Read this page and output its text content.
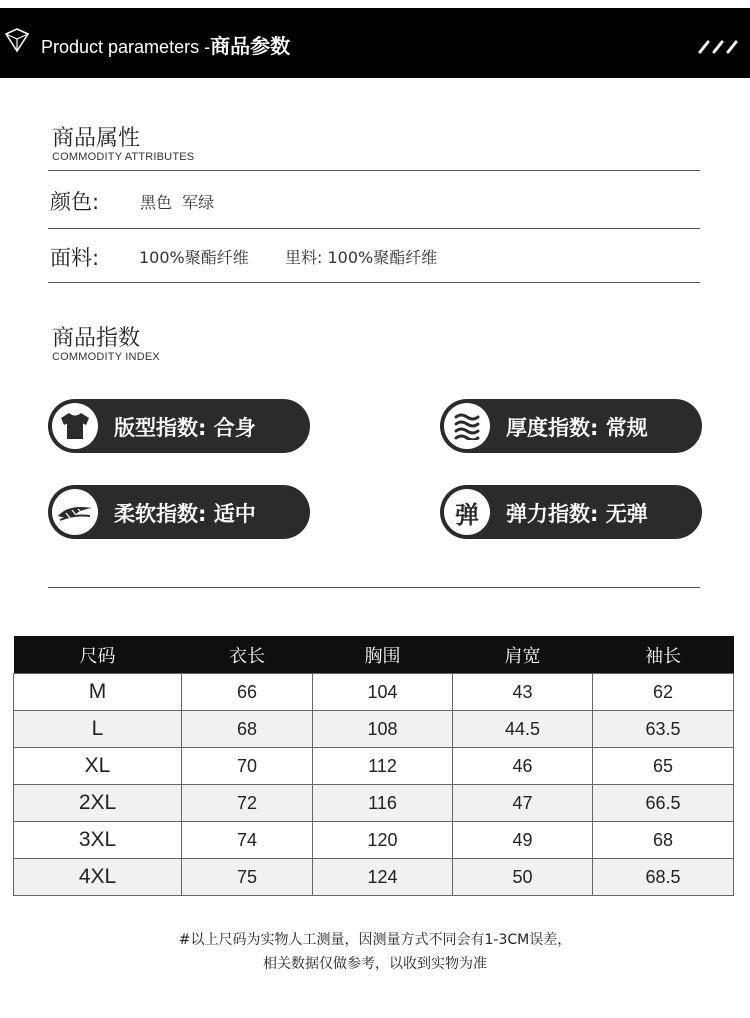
Product parameters -商品参数
商品属性
COMMODITY ATTRIBUTES
颜色:	黑色  军绿
面料: 100%聚酯纤维 里料: 100%聚酯纤维
商品指数
COMMODITY INDEX
版型指数: 合身	厚度指数: 常规
柔软指数: 适中	弹 弹力指数: 无弹
尺码	衣长	胸围	肩宽	袖长
M	66	104	43	62
L	68	108	44.5	63.5
XL	70	112	46	65
2XL	72	116	47	66.5
3XL	74	120	49	68
4XL	75	124	50	68.5
#以上尺码为实物人工测量，因测量方式不同会有1-3CM误差，
相关数据仅做参考，以收到实物为准
